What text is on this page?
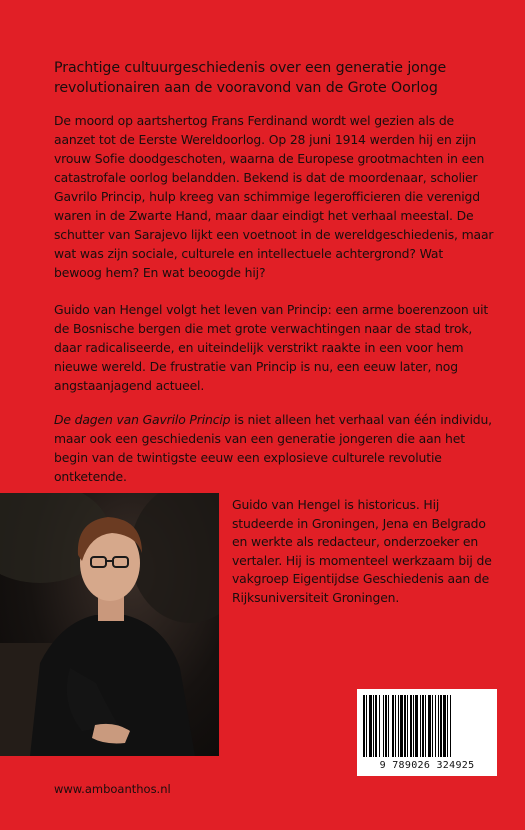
Prachtige cultuurgeschiedenis over een generatie jonge revolutionairen aan de vooravond van de Grote Oorlog

De moord op aartshertog Frans Ferdinand wordt wel gezien als de aanzet tot de Eerste Wereldoorlog. Op 28 juni 1914 werden hij en zijn vrouw Sofie doodgeschoten, waarna de Europese grootmachten in een catastrofale oorlog belandden. Bekend is dat de moordenaar, scholier Gavrilo Princip, hulp kreeg van schimmige legerofficieren die verenigd waren in de Zwarte Hand, maar daar eindigt het verhaal meestal. De schutter van Sarajevo lijkt een voetnoot in de wereldgeschiedenis, maar wat was zijn sociale, culturele en intellectuele achtergrond? Wat bewoog hem? En wat beoogde hij?

Guido van Hengel volgt het leven van Princip: een arme boerenzoon uit de Bosnische bergen die met grote verwachtingen naar de stad trok, daar radicaliseerde, en uiteindelijk verstrikt raakte in een voor hem nieuwe wereld. De frustratie van Princip is nu, een eeuw later, nog angstaanjagend actueel.

De dagen van Gavrilo Princip is niet alleen het verhaal van één individu, maar ook een geschiedenis van een generatie jongeren die aan het begin van de twintigste eeuw een explosieve culturele revolutie ontketende.

Guido van Hengel is historicus. Hij studeerde in Groningen, Jena en Belgrado en werkte als redacteur, onderzoeker en vertaler. Hij is momenteel werkzaam bij de vakgroep Eigentijdse Geschiedenis aan de Rijksuniversiteit Groningen.

www.amboanthos.nl
9 789026 324925
